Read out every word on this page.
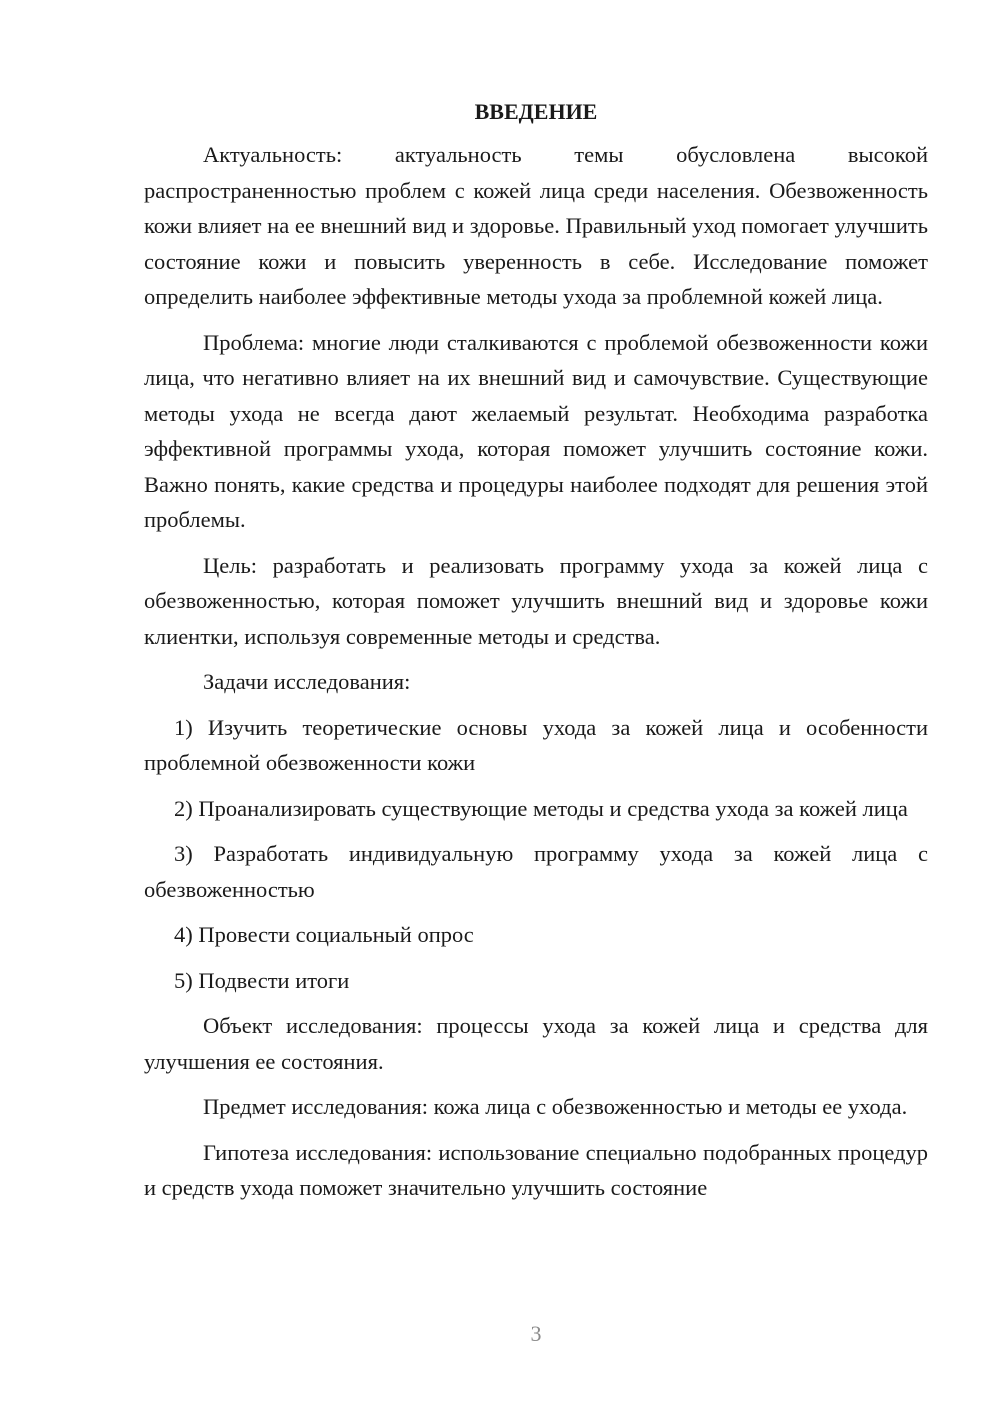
ВВЕДЕНИЕ

Актуальность: актуальность темы обусловлена высокой распространенностью проблем с кожей лица среди населения. Обезвоженность кожи влияет на ее внешний вид и здоровье. Правильный уход помогает улучшить состояние кожи и повысить уверенность в себе. Исследование поможет определить наиболее эффективные методы ухода за проблемной кожей лица.

Проблема: многие люди сталкиваются с проблемой обезвоженности кожи лица, что негативно влияет на их внешний вид и самочувствие. Существующие методы ухода не всегда дают желаемый результат. Необходима разработка эффективной программы ухода, которая поможет улучшить состояние кожи. Важно понять, какие средства и процедуры наиболее подходят для решения этой проблемы.

Цель: разработать и реализовать программу ухода за кожей лица с обезвоженностью, которая поможет улучшить внешний вид и здоровье кожи клиентки, используя современные методы и средства.

Задачи исследования:

1) Изучить теоретические основы ухода за кожей лица и особенности проблемной обезвоженности кожи

2) Проанализировать существующие методы и средства ухода за кожей лица

3) Разработать индивидуальную программу ухода за кожей лица с обезвоженностью

4) Провести социальный опрос

5) Подвести итоги

Объект исследования: процессы ухода за кожей лица и средства для улучшения ее состояния.

Предмет исследования: кожа лица с обезвоженностью и методы ее ухода.

Гипотеза исследования: использование специально подобранных процедур и средств ухода поможет значительно улучшить состояние

3
